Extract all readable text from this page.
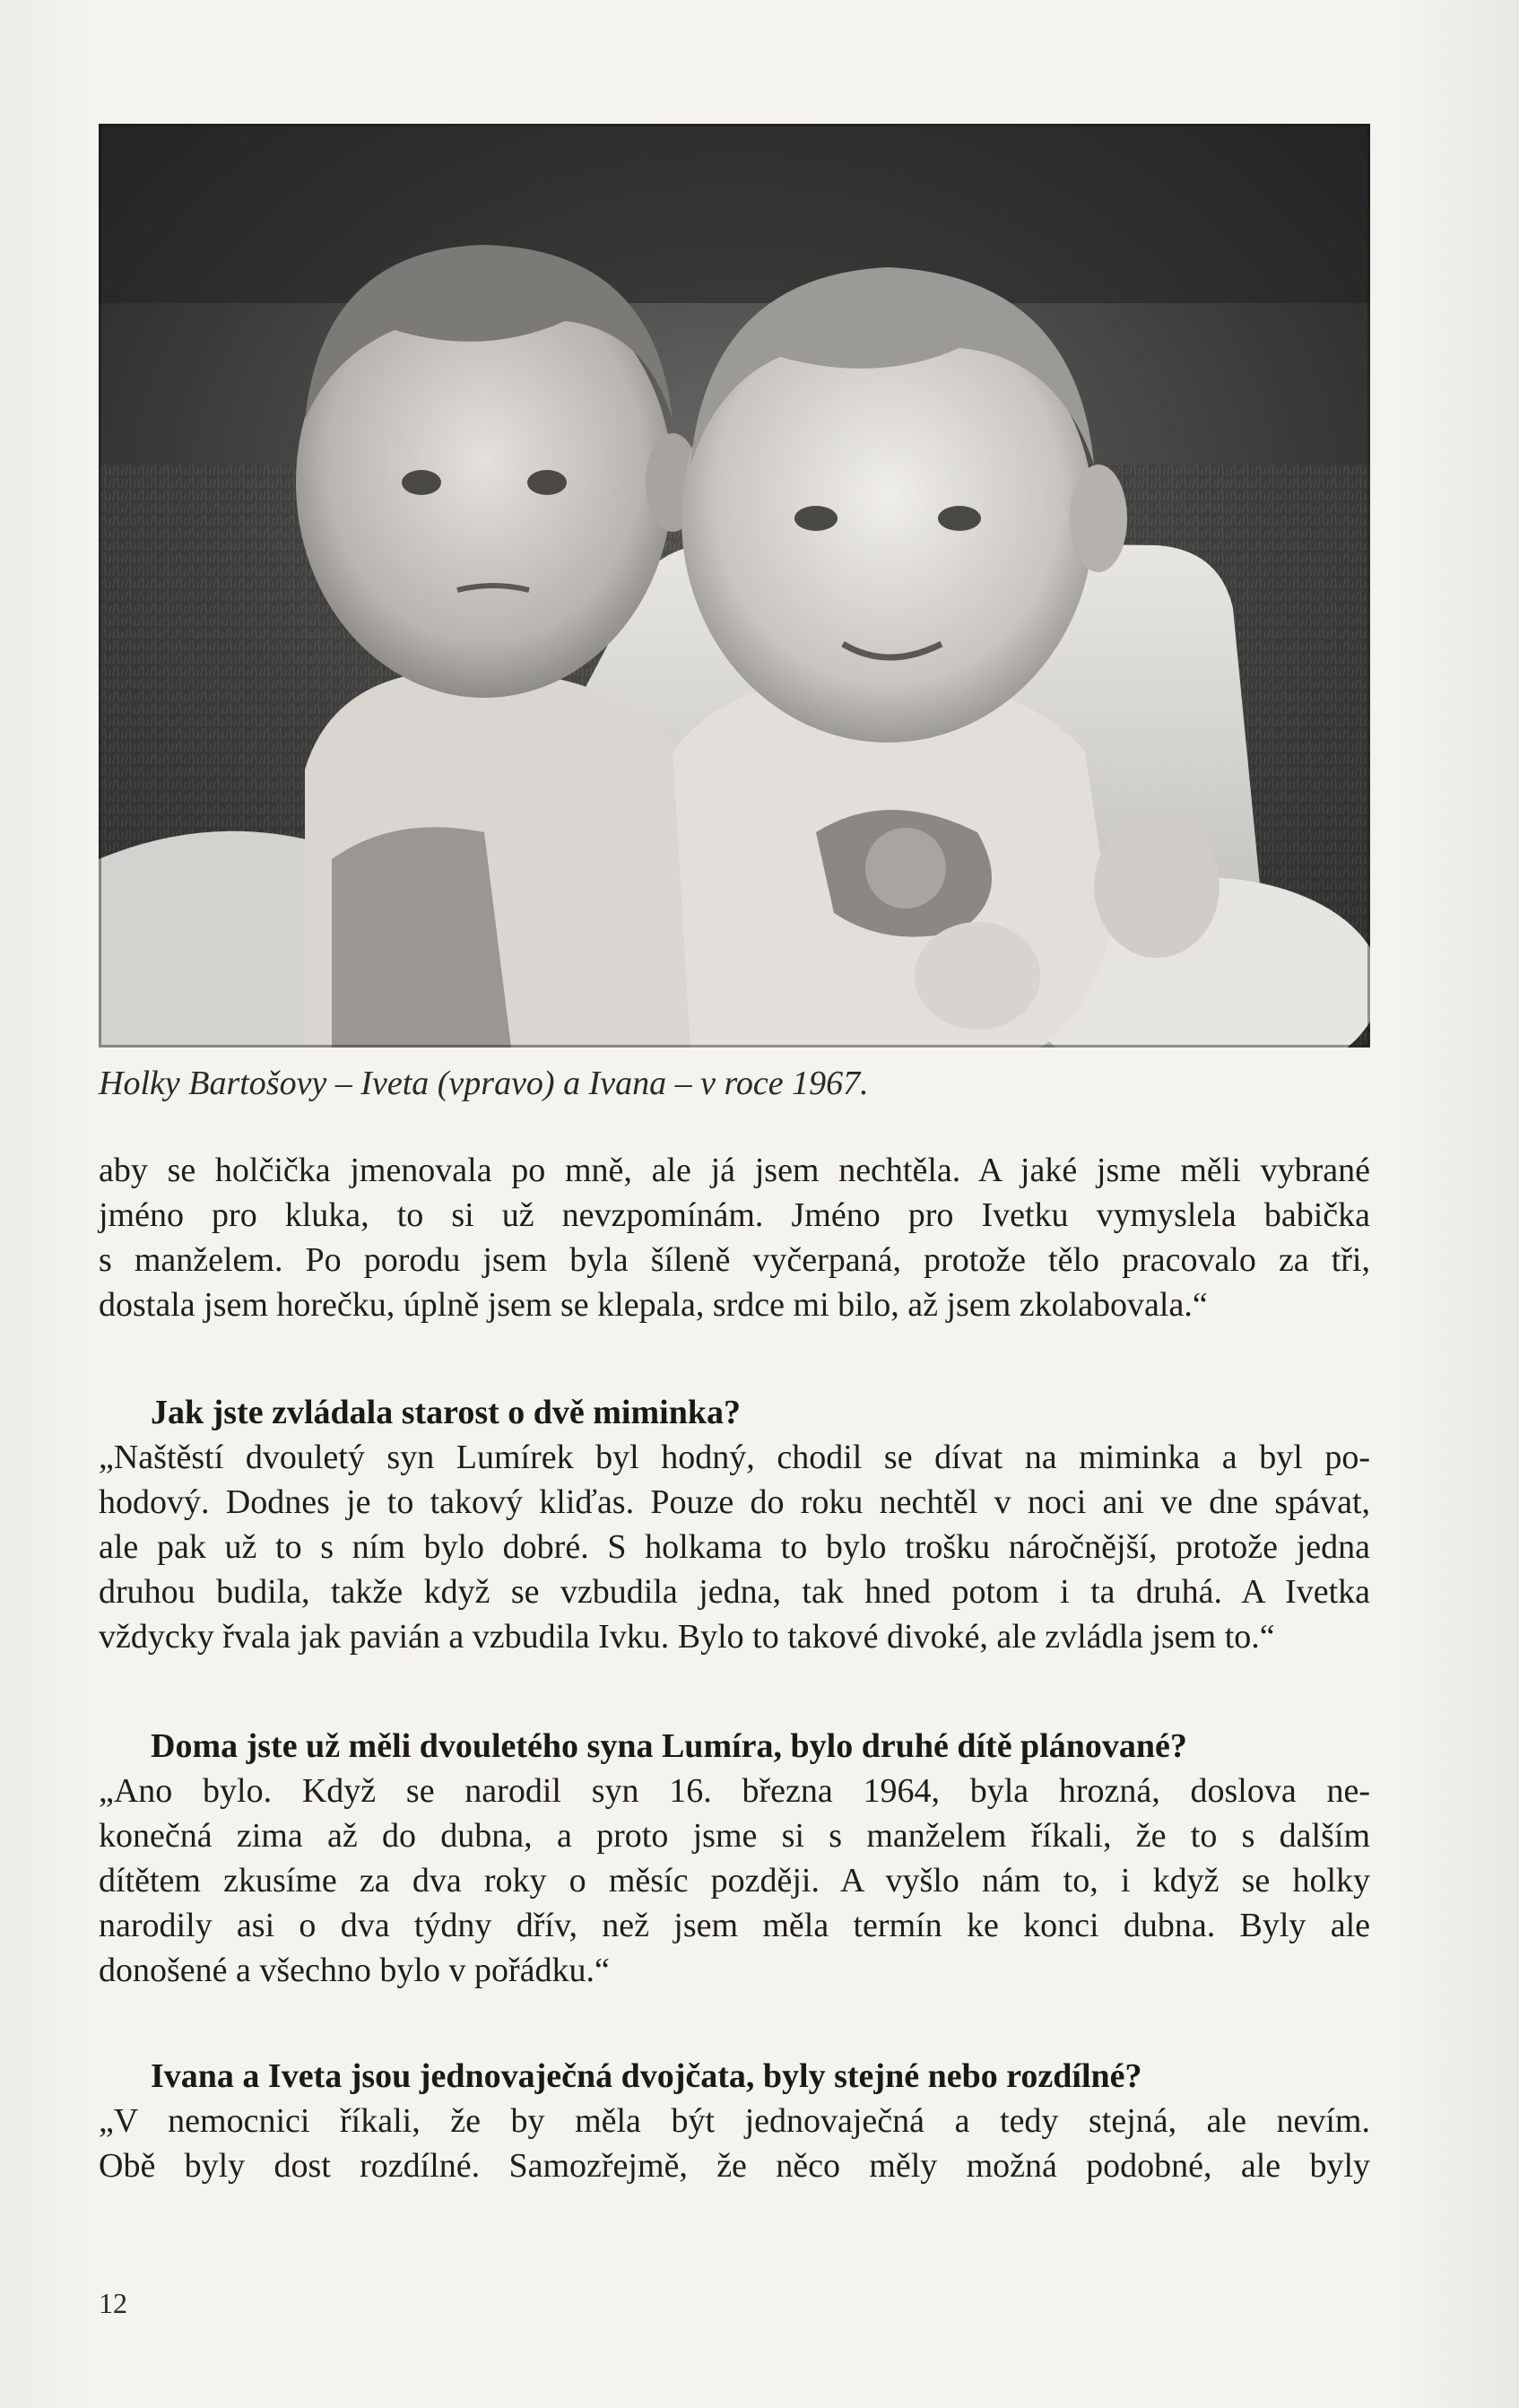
Holky Bartošovy – Iveta (vpravo) a Ivana – v roce 1967.

aby se holčička jmenovala po mně, ale já jsem nechtěla. A jaké jsme měli vybrané
jméno pro kluka, to si už nevzpomínám. Jméno pro Ivetku vymyslela babička
s manželem. Po porodu jsem byla šíleně vyčerpaná, protože tělo pracovalo za tři,
dostala jsem horečku, úplně jsem se klepala, srdce mi bilo, až jsem zkolabovala.“

Jak jste zvládala starost o dvě miminka?

„Naštěstí dvouletý syn Lumírek byl hodný, chodil se dívat na miminka a byl po-
hodový. Dodnes je to takový kliďas. Pouze do roku nechtěl v noci ani ve dne spávat,
ale pak už to s ním bylo dobré. S holkama to bylo trošku náročnější, protože jedna
druhou budila, takže když se vzbudila jedna, tak hned potom i ta druhá. A Ivetka
vždycky řvala jak pavián a vzbudila Ivku. Bylo to takové divoké, ale zvládla jsem to.“

Doma jste už měli dvouletého syna Lumíra, bylo druhé dítě plánované?

„Ano bylo. Když se narodil syn 16. března 1964, byla hrozná, doslova ne-
konečná zima až do dubna, a proto jsme si s manželem říkali, že to s dalším
dítětem zkusíme za dva roky o měsíc později. A vyšlo nám to, i když se holky
narodily asi o dva týdny dřív, než jsem měla termín ke konci dubna. Byly ale
donošené a všechno bylo v pořádku.“

Ivana a Iveta jsou jednovaječná dvojčata, byly stejné nebo rozdílné?

„V nemocnici říkali, že by měla být jednovaječná a tedy stejná, ale nevím.
Obě byly dost rozdílné. Samozřejmě, že něco měly možná podobné, ale byly

12
